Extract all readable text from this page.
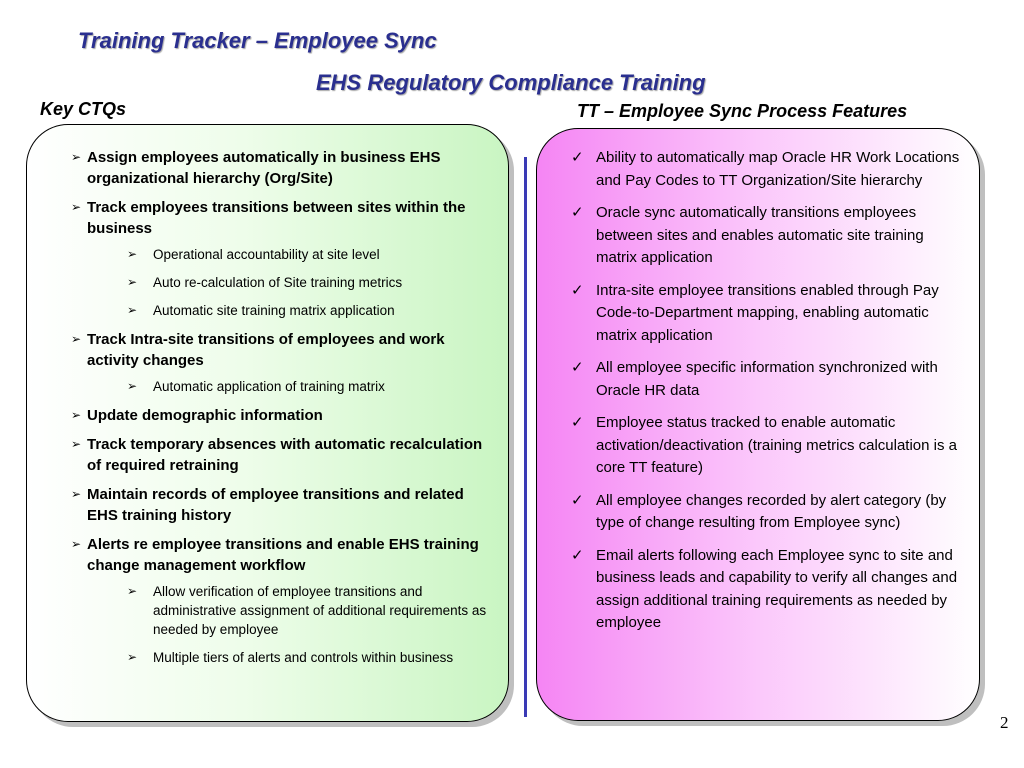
Training Tracker – Employee Sync
EHS Regulatory Compliance Training
Key CTQs	TT – Employee Sync Process Features
➢ Assign employees automatically in business EHS organizational hierarchy (Org/Site)
➢ Track employees transitions between sites within the business
➢ Operational accountability at site level
➢ Auto re-calculation of Site training metrics
➢ Automatic site training matrix application
➢ Track Intra-site transitions of employees and work activity changes
➢ Automatic application of training matrix
➢ Update demographic information
➢ Track temporary absences with automatic recalculation of required retraining
➢ Maintain records of employee transitions and related EHS training history
➢ Alerts re employee transitions and enable EHS training change management workflow
➢ Allow verification of employee transitions and administrative assignment of additional requirements as needed by employee
➢ Multiple tiers of alerts and controls within business
✓ Ability to automatically map Oracle HR Work Locations and Pay Codes to TT Organization/Site hierarchy
✓ Oracle sync automatically transitions employees between sites and enables automatic site training matrix application
✓ Intra-site employee transitions enabled through Pay Code-to-Department mapping, enabling automatic matrix application
✓ All employee specific information synchronized with Oracle HR data
✓ Employee status tracked to enable automatic activation/deactivation (training metrics calculation is a core TT feature)
✓ All employee changes recorded by alert category (by type of change resulting from Employee sync)
✓ Email alerts following each Employee sync to site and business leads and capability to verify all changes and assign additional training requirements as needed by employee
2
